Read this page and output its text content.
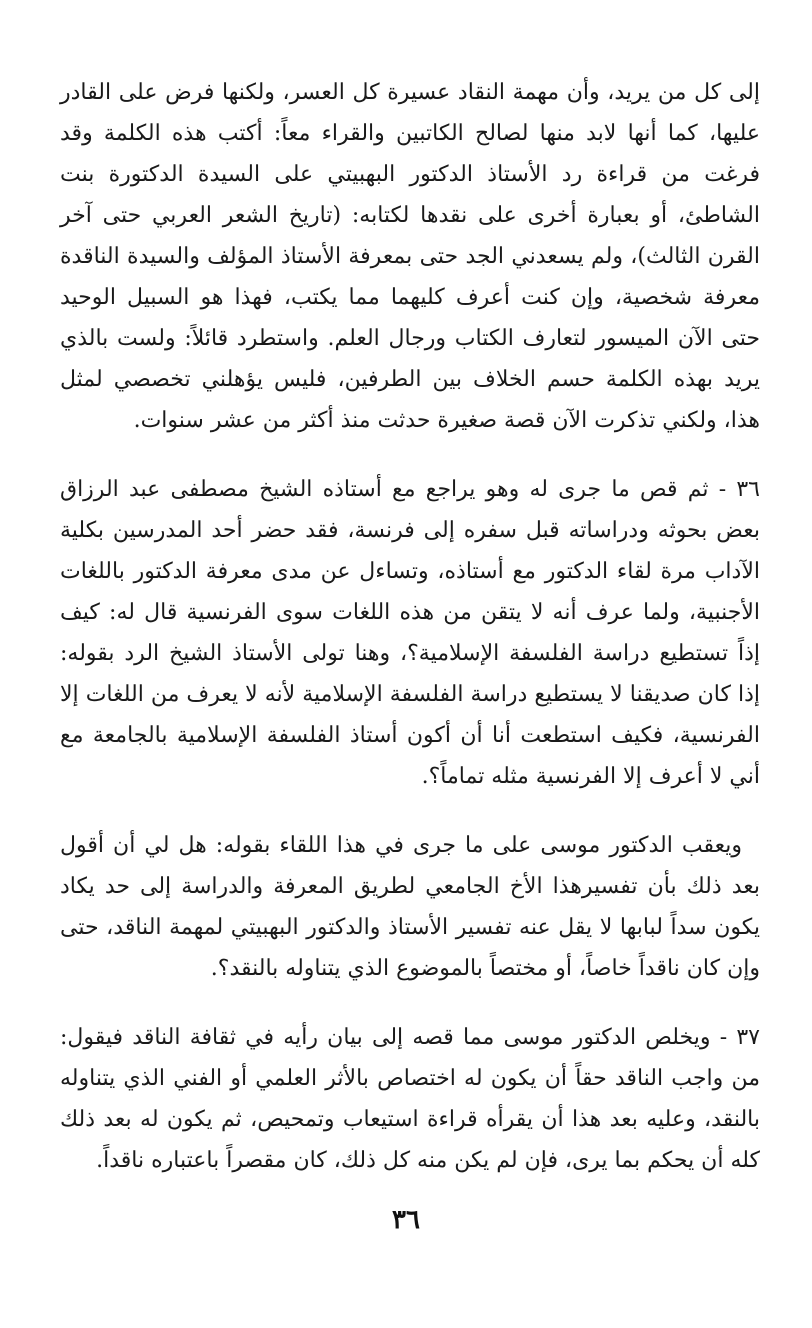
إلى كل من يريد، وأن مهمة النقاد عسيرة كل العسر، ولكنها فرض على القادر عليها، كما أنها لابد منها لصالح الكاتبين والقراء معاً: أكتب هذه الكلمة وقد فرغت من قراءة رد الأستاذ الدكتور البهبيتي على السيدة الدكتورة بنت الشاطئ، أو بعبارة أخرى على نقدها لكتابه: (تاريخ الشعر العربي حتى آخر القرن الثالث)، ولم يسعدني الجد حتى بمعرفة الأستاذ المؤلف والسيدة الناقدة معرفة شخصية، وإن كنت أعرف كليهما مما يكتب، فهذا هو السبيل الوحيد حتى الآن الميسور لتعارف الكتاب ورجال العلم. واستطرد قائلاً: ولست بالذي يريد بهذه الكلمة حسم الخلاف بين الطرفين، فليس يؤهلني تخصصي لمثل هذا، ولكني تذكرت الآن قصة صغيرة حدثت منذ أكثر من عشر سنوات.

٣٦ - ثم قص ما جرى له وهو يراجع مع أستاذه الشيخ مصطفى عبد الرزاق بعض بحوثه ودراساته قبل سفره إلى فرنسة، فقد حضر أحد المدرسين بكلية الآداب مرة لقاء الدكتور مع أستاذه، وتساءل عن مدى معرفة الدكتور باللغات الأجنبية، ولما عرف أنه لا يتقن من هذه اللغات سوى الفرنسية قال له: كيف إذاً تستطيع دراسة الفلسفة الإسلامية؟، وهنا تولى الأستاذ الشيخ الرد بقوله: إذا كان صديقنا لا يستطيع دراسة الفلسفة الإسلامية لأنه لا يعرف من اللغات إلا الفرنسية، فكيف استطعت أنا أن أكون أستاذ الفلسفة الإسلامية بالجامعة مع أني لا أعرف إلا الفرنسية مثله تماماً؟.

ويعقب الدكتور موسى على ما جرى في هذا اللقاء بقوله: هل لي أن أقول بعد ذلك بأن تفسيرهذا الأخ الجامعي لطريق المعرفة والدراسة إلى حد يكاد يكون سداً لبابها لا يقل عنه تفسير الأستاذ والدكتور البهبيتي لمهمة الناقد، حتى وإن كان ناقداً خاصاً، أو مختصاً بالموضوع الذي يتناوله بالنقد؟.

٣٧ - ويخلص الدكتور موسى مما قصه إلى بيان رأيه في ثقافة الناقد فيقول: من واجب الناقد حقاً أن يكون له اختصاص بالأثر العلمي أو الفني الذي يتناوله بالنقد، وعليه بعد هذا أن يقرأه قراءة استيعاب وتمحيص، ثم يكون له بعد ذلك كله أن يحكم بما يرى، فإن لم يكن منه كل ذلك، كان مقصراً باعتباره ناقداً.

٣٦
